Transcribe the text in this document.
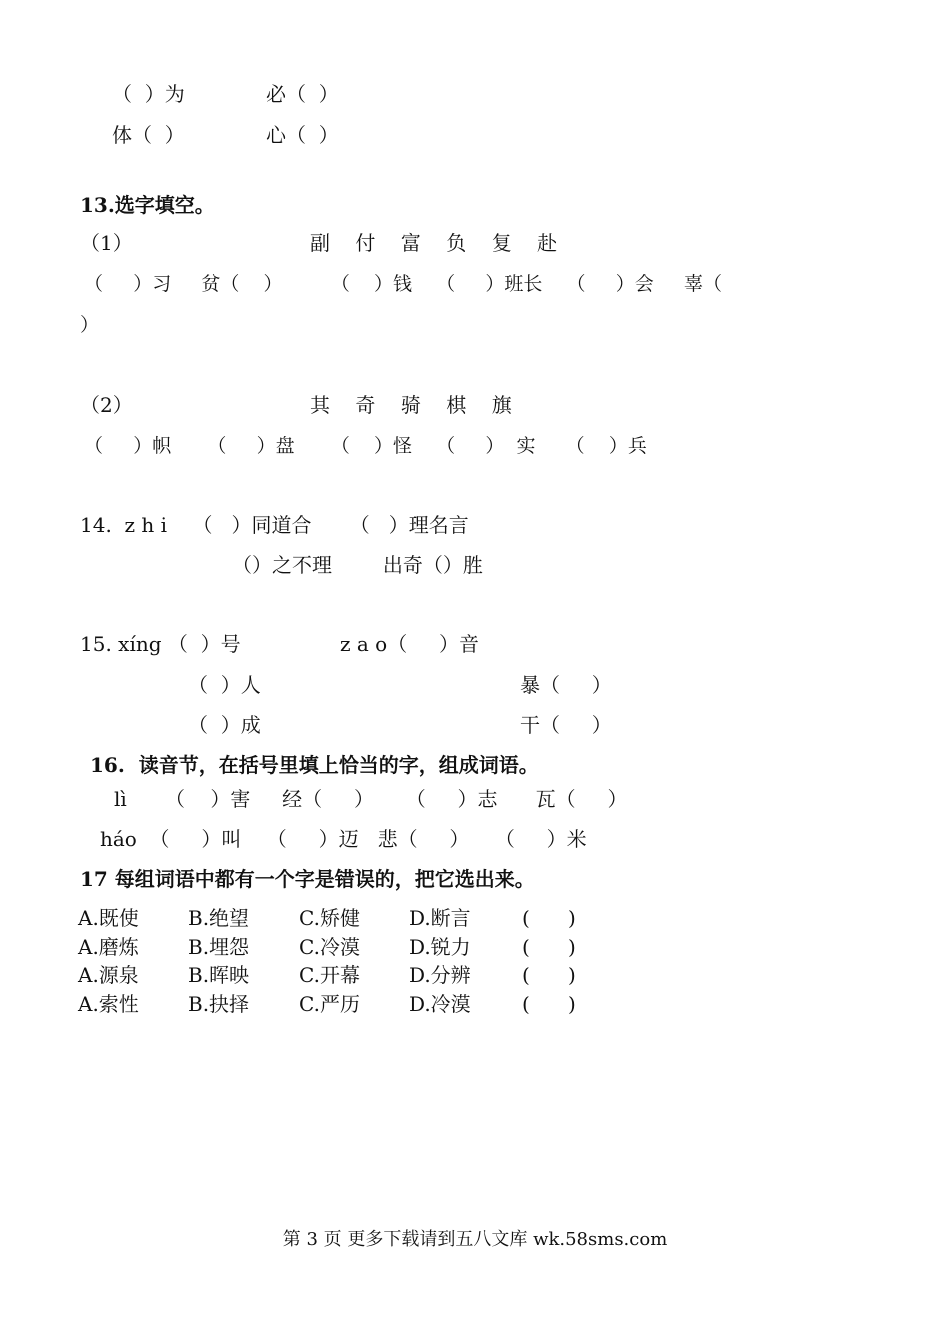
（  ）为	必（  ）
体（  ）	心（  ）
13.选字填空。
（1）	副    付    富    负    复    赴
（     ）习     贫（    ）        （    ）钱    （     ）班长    （     ）会     辜（
）
（2）	其    奇    骑    棋    旗
（     ）帜      （     ）盘      （    ）怪    （     ）  实     （    ）兵
14.  z h i    （   ）同道合      （   ）理名言
（）之不理        出奇（）胜
15. xíng （  ）号	z a o（     ）音
（  ）人	暴（     ）
（  ）成	干（     ）
16.  读音节，在括号里填上恰当的字，组成词语。
lì      （    ）害     经（     ）     （     ）志      瓦（     ）
háo  （     ）叫    （     ）迈   悲（     ）    （     ）米
17 每组词语中都有一个字是错误的，把它选出来。
A.既使 B.绝望 C.矫健 D.断言	(      )
A.磨炼 B.埋怨 C.冷漠 D.锐力	(      )
A.源泉 B.晖映 C.开幕 D.分辨	(      )
A.索性 B.抉择 C.严历 D.冷漠	(      )
第 3 页 更多下载请到五八文库 wk.58sms.com
